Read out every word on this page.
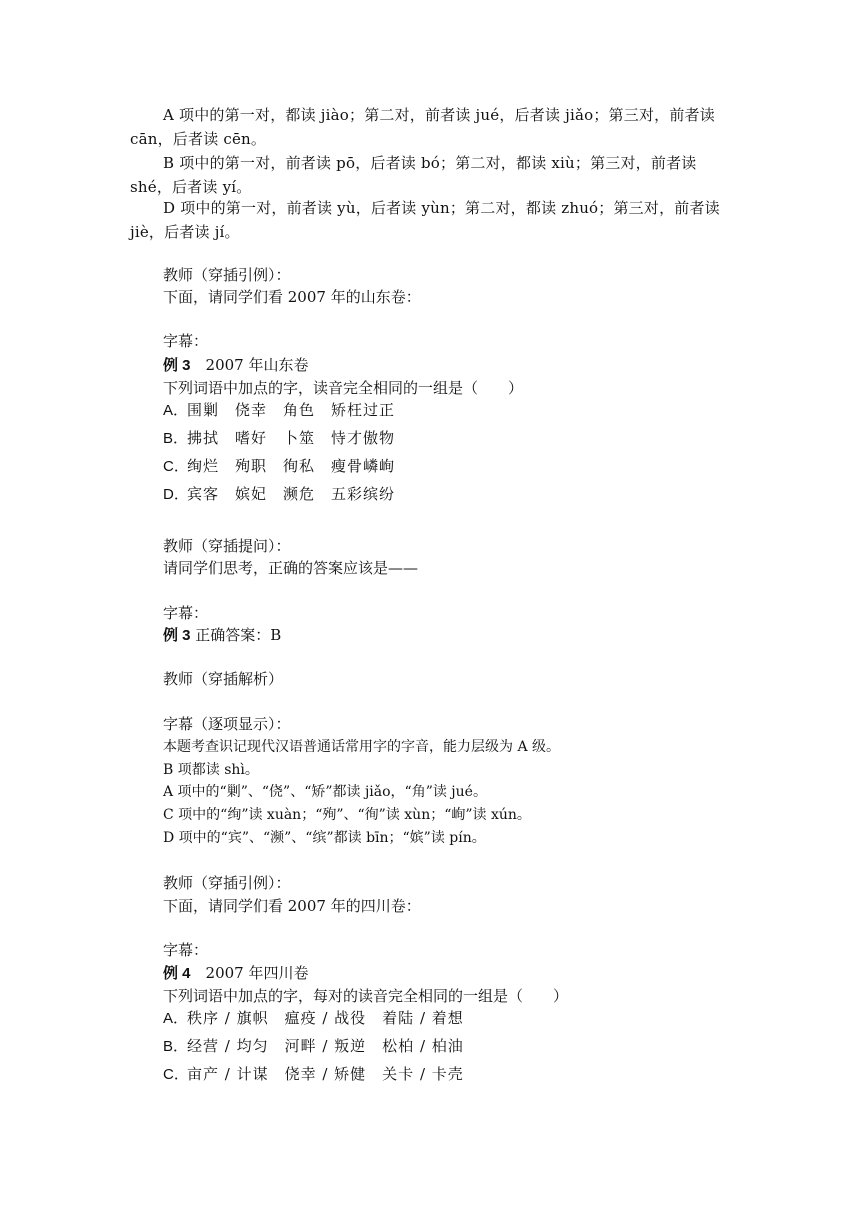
A 项中的第一对，都读 jiào；第二对，前者读 jué，后者读 jiǎo；第三对，前者读 cān，后者读 cēn。
B 项中的第一对，前者读 pō，后者读 bó；第二对，都读 xiù；第三对，前者读 shé，后者读 yí。
D 项中的第一对，前者读 yù，后者读 yùn；第二对，都读 zhuó；第三对，前者读 jiè，后者读 jí。
教师（穿插引例）：
下面，请同学们看 2007 年的山东卷：
字幕：
例 3　 2007 年山东卷
下列词语中加点的字，读音完全相同的一组是（　　）
A．围剿　侥幸　角色　矫枉过正
B．拂拭　嗜好　卜筮　恃才傲物
C．绚烂　殉职　徇私　瘦骨嶙峋
D．宾客　嫔妃　濒危　五彩缤纷
教师（穿插提问）：
请同学们思考，正确的答案应该是——
字幕：
例 3 正确答案：B
教师（穿插解析）
字幕（逐项显示）：
本题考查识记现代汉语普通话常用字的字音，能力层级为 A 级。
B 项都读 shì。
A 项中的“剿”、“侥”、“矫”都读 jiǎo，“角”读 jué。
C 项中的“绚”读 xuàn；“殉”、“徇”读 xùn；“峋”读 xún。
D 项中的“宾”、“濒”、“缤”都读 bīn；“嫔”读 pín。
教师（穿插引例）：
下面，请同学们看 2007 年的四川卷：
字幕：
例 4　 2007 年四川卷
下列词语中加点的字，每对的读音完全相同的一组是（　　）
A．秩序 / 旗帜　瘟疫 / 战役　着陆 / 着想
B．经营 / 均匀　河畔 / 叛逆　松柏 / 柏油
C．亩产 / 计谋　侥幸 / 矫健　关卡 / 卡壳
